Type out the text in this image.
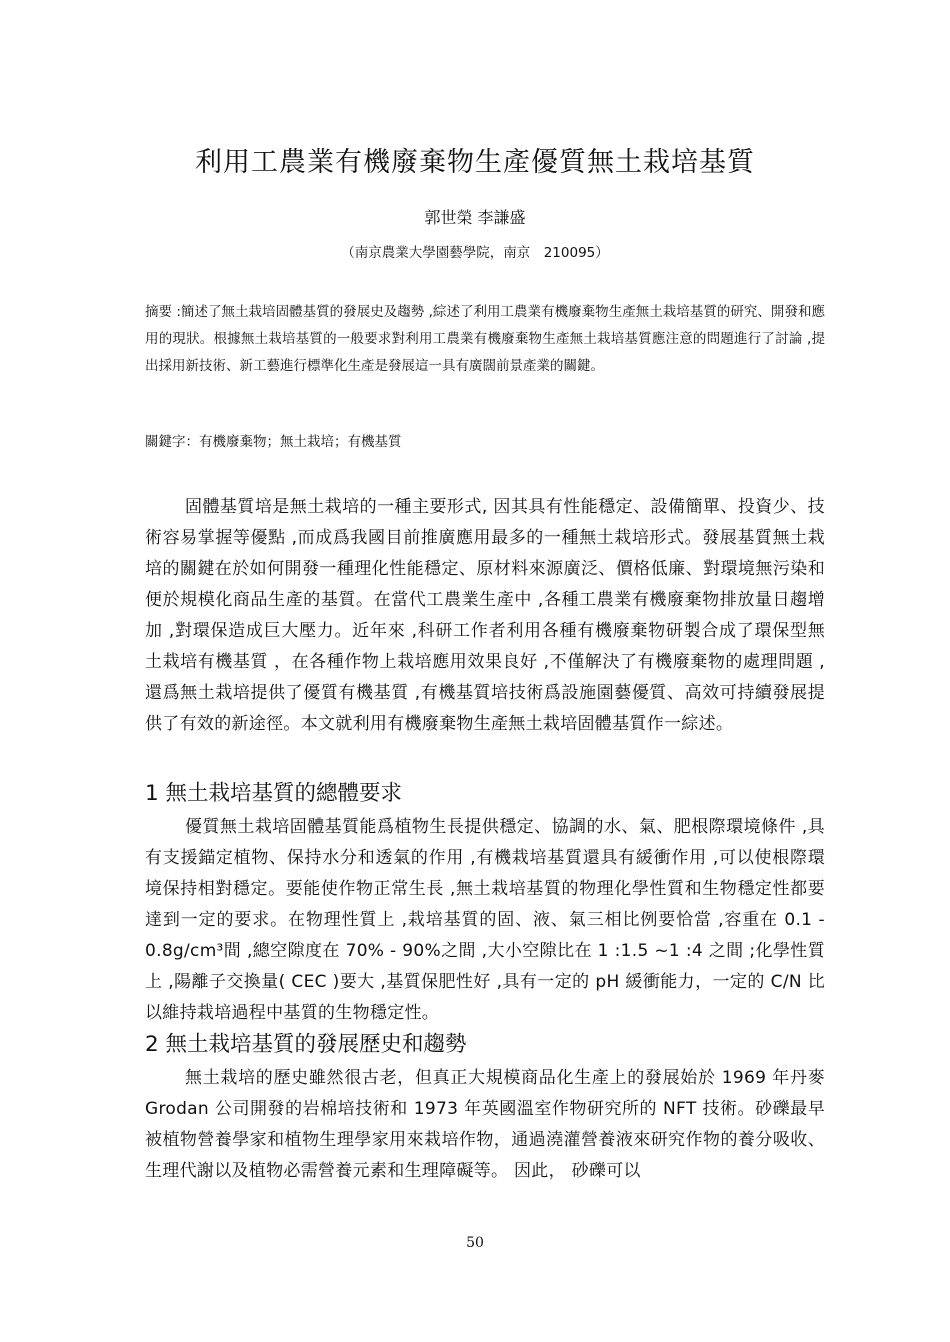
利用工農業有機廢棄物生產優質無土栽培基質
郭世榮 李謙盛
（南京農業大學園藝學院，南京　210095）

摘要 :簡述了無土栽培固體基質的發展史及趨勢 ,綜述了利用工農業有機廢棄物生產無土栽培基質的研究、開發和應用的現狀。根據無土栽培基質的一般要求對利用工農業有機廢棄物生產無土栽培基質應注意的問題進行了討論 ,提出採用新技術、新工藝進行標準化生產是發展這一具有廣闊前景產業的關鍵。

關鍵字：有機廢棄物；無土栽培；有機基質

固體基質培是無土栽培的一種主要形式, 因其具有性能穩定、設備簡單、投資少、技術容易掌握等優點 ,而成爲我國目前推廣應用最多的一種無土栽培形式。發展基質無土栽培的關鍵在於如何開發一種理化性能穩定、原材料來源廣泛、價格低廉、對環境無污染和便於規模化商品生產的基質。在當代工農業生產中 ,各種工農業有機廢棄物排放量日趨增加 ,對環保造成巨大壓力。近年來 ,科研工作者利用各種有機廢棄物研製合成了環保型無土栽培有機基質 ，在各種作物上栽培應用效果良好 ,不僅解決了有機廢棄物的處理問題 ,還爲無土栽培提供了優質有機基質 ,有機基質培技術爲設施園藝優質、高效可持續發展提供了有效的新途徑。本文就利用有機廢棄物生產無土栽培固體基質作一綜述。

1 無土栽培基質的總體要求

優質無土栽培固體基質能爲植物生長提供穩定、協調的水、氣、肥根際環境條件 ,具有支援錨定植物、保持水分和透氣的作用 ,有機栽培基質還具有緩衝作用 ,可以使根際環境保持相對穩定。要能使作物正常生長 ,無土栽培基質的物理化學性質和生物穩定性都要達到一定的要求。在物理性質上 ,栽培基質的固、液、氣三相比例要恰當 ,容重在 0.1 - 0.8g/cm³間 ,總空隙度在 70% - 90%之間 ,大小空隙比在 1 :1.5 ~1 :4 之間 ;化學性質上 ,陽離子交換量( CEC )要大 ,基質保肥性好 ,具有一定的 pH 緩衝能力，一定的 C/N 比以維持栽培過程中基質的生物穩定性。

2 無土栽培基質的發展歷史和趨勢

無土栽培的歷史雖然很古老，但真正大規模商品化生產上的發展始於 1969 年丹麥 Grodan 公司開發的岩棉培技術和 1973 年英國溫室作物研究所的 NFT 技術。砂礫最早被植物營養學家和植物生理學家用來栽培作物，通過澆灌營養液來研究作物的養分吸收、生理代謝以及植物必需營養元素和生理障礙等。 因此， 砂礫可以

50
